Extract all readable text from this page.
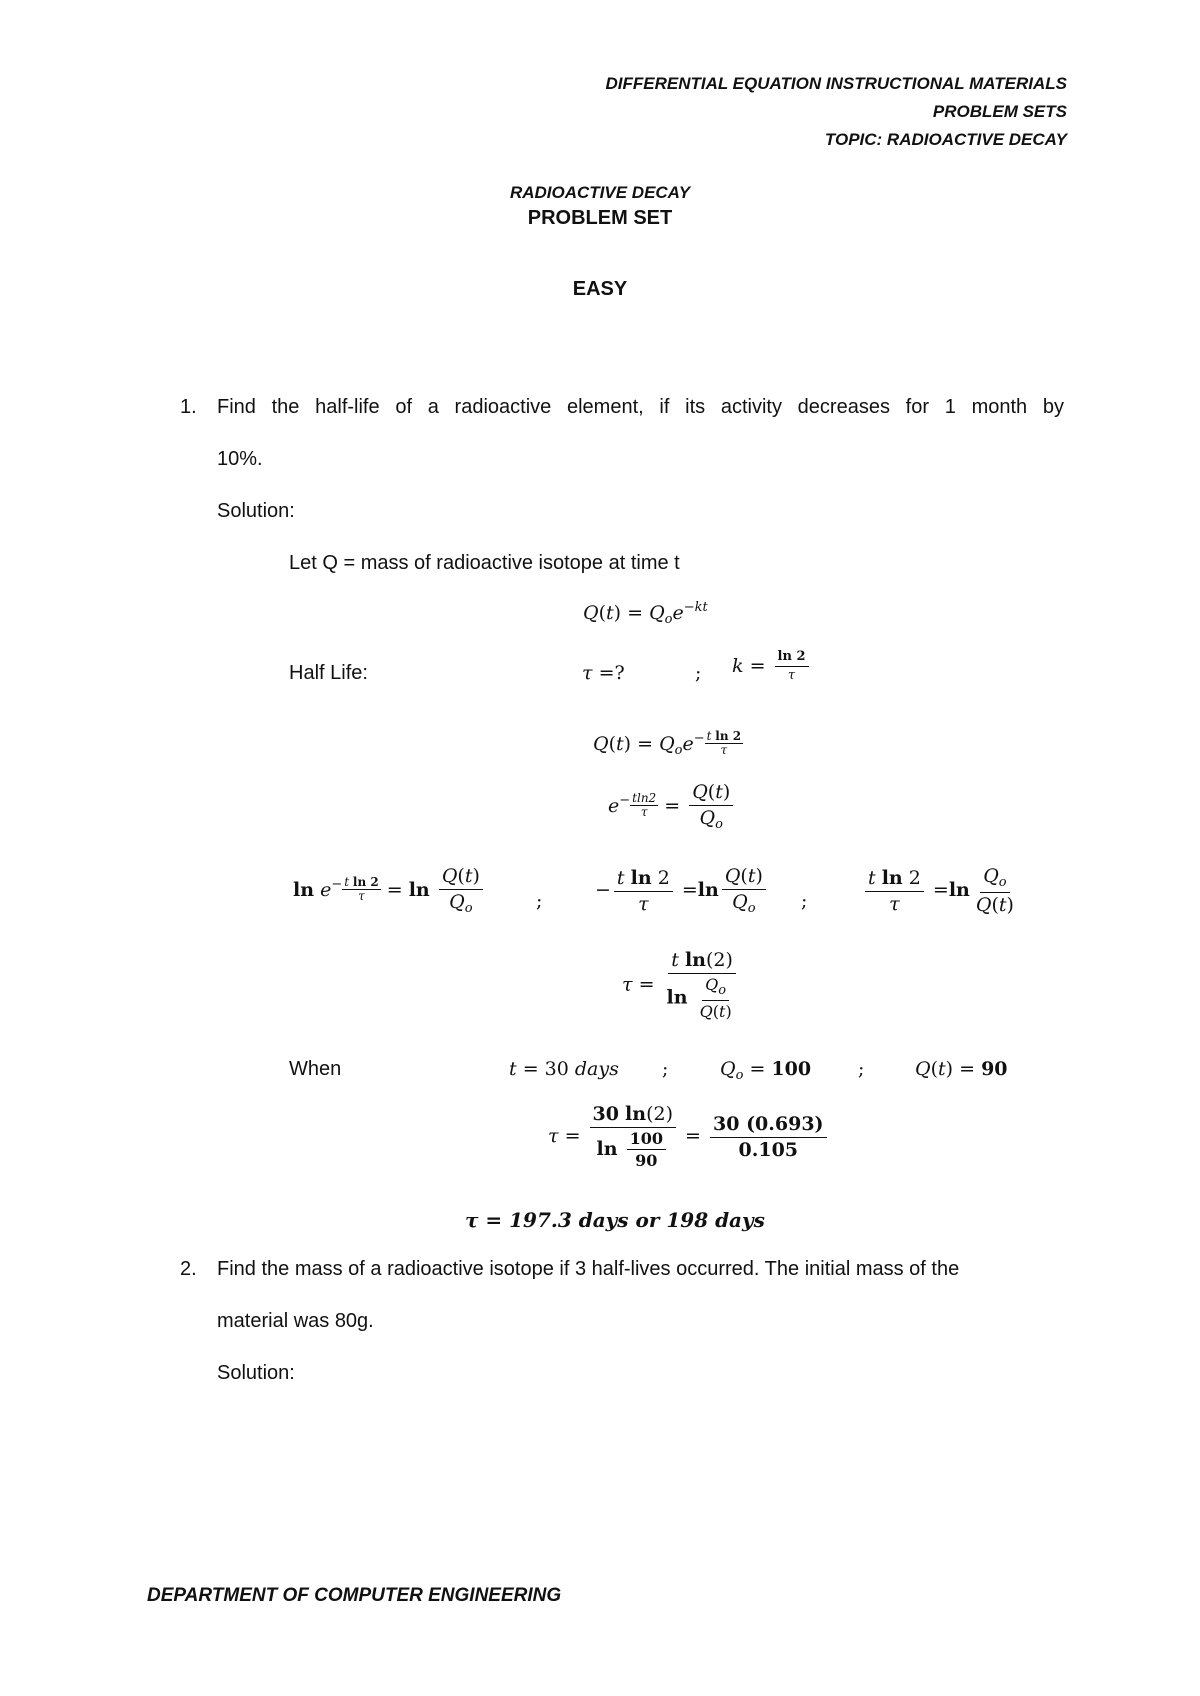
DIFFERENTIAL EQUATION INSTRUCTIONAL MATERIALS
PROBLEM SETS
TOPIC: RADIOACTIVE DECAY
RADIOACTIVE DECAY
PROBLEM SET
EASY
1. Find the half-life of a radioactive element, if its activity decreases for 1 month by
10%.
Solution:
Let Q = mass of radioactive isotope at time t
$Q(t) = Q_oe-kt$
Half Life:	τ =?	; $k = \frac{\ln 2}{\tau}$
$Q(t) = Q_oe- \frac{\text{t ln 2}}{\tau}$
$e- \frac{tln2}{\tau} = \frac{Q(t)}{Q_o}$
$\ln e- \frac{\text{t ln 2}}{\tau} = \ln \frac{Q(t)}{Q_o}$	;	− $\frac{\text{t ln 2}}{\tau} =\ln \frac{Q(t)}{Q_o}$ ;	$\frac{\text{t ln 2}}{\tau} =\ln \frac{Q_o}{Q(t)}$
$\tau = \frac{\text{t ln(2)}}{\ln \frac{Q_o}{Q(t)}}$
When	t = 30 days ;	$Q_o = 100$ ;	Q(t) = 90
$\tau = \frac{30 \ln(2)}{\ln \frac{100}{90}} = \frac{30 (0.693)}{0.105}$
τ = 197.3 days or 198 days
2. Find the mass of a radioactive isotope if 3 half-lives occurred. The initial mass of the
material was 80g.
Solution:
DEPARTMENT OF COMPUTER ENGINEERING
